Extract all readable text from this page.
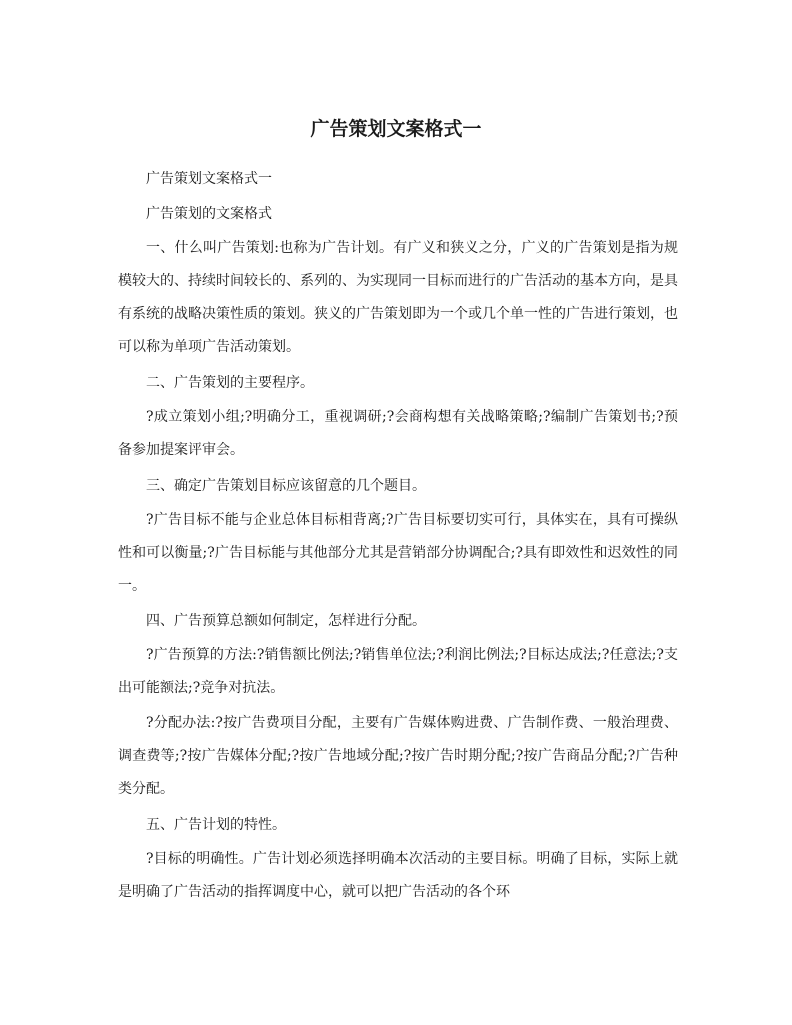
广告策划文案格式一

广告策划文案格式一

广告策划的文案格式

一、什么叫广告策划:也称为广告计划。有广义和狭义之分，广义的广告策划是指为规模较大的、持续时间较长的、系列的、为实现同一目标而进行的广告活动的基本方向，是具有系统的战略决策性质的策划。狭义的广告策划即为一个或几个单一性的广告进行策划，也可以称为单项广告活动策划。

二、广告策划的主要程序。

?成立策划小组;?明确分工，重视调研;?会商构想有关战略策略;?编制广告策划书;?预备参加提案评审会。

三、确定广告策划目标应该留意的几个题目。

?广告目标不能与企业总体目标相背离;?广告目标要切实可行，具体实在，具有可操纵性和可以衡量;?广告目标能与其他部分尤其是营销部分协调配合;?具有即效性和迟效性的同一。

四、广告预算总额如何制定，怎样进行分配。

?广告预算的方法:?销售额比例法;?销售单位法;?利润比例法;?目标达成法;?任意法;?支出可能额法;?竞争对抗法。

?分配办法:?按广告费项目分配，主要有广告媒体购进费、广告制作费、一般治理费、调查费等;?按广告媒体分配;?按广告地域分配;?按广告时期分配;?按广告商品分配;?广告种类分配。

五、广告计划的特性。

?目标的明确性。广告计划必须选择明确本次活动的主要目标。明确了目标，实际上就是明确了广告活动的指挥调度中心，就可以把广告活动的各个环
